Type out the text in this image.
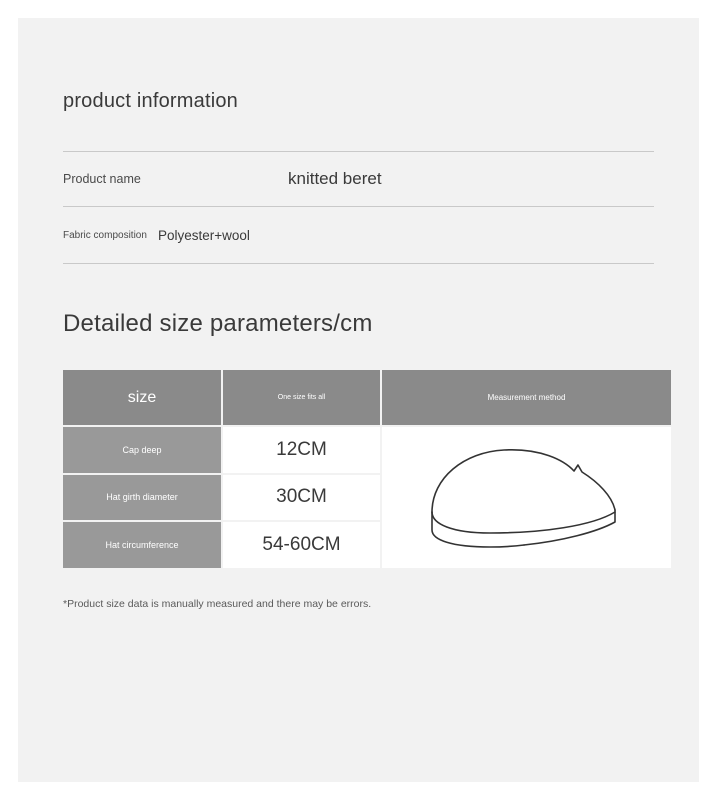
product information
Product name	knitted beret
Fabric composition Polyester+wool
Detailed size parameters/cm
size	One size fits all	Measurement method
Cap deep	12CM	

Hat girth diameter	30CM	
Hat circumference	54-60CM	
*Product size data is manually measured and there may be errors.
